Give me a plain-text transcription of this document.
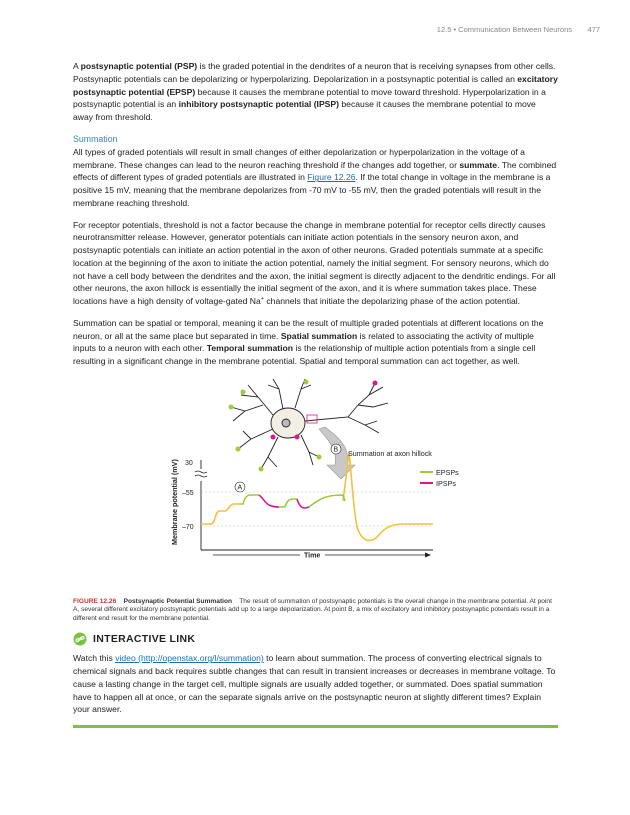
12.5 • Communication Between Neurons 477

A postsynaptic potential (PSP) is the graded potential in the dendrites of a neuron that is receiving synapses from other cells. Postsynaptic potentials can be depolarizing or hyperpolarizing. Depolarization in a postsynaptic potential is called an excitatory postsynaptic potential (EPSP) because it causes the membrane potential to move toward threshold. Hyperpolarization in a postsynaptic potential is an inhibitory postsynaptic potential (IPSP) because it causes the membrane potential to move away from threshold.

Summation

All types of graded potentials will result in small changes of either depolarization or hyperpolarization in the voltage of a membrane. These changes can lead to the neuron reaching threshold if the changes add together, or summate. The combined effects of different types of graded potentials are illustrated in Figure 12.26. If the total change in voltage in the membrane is a positive 15 mV, meaning that the membrane depolarizes from -70 mV to -55 mV, then the graded potentials will result in the membrane reaching threshold.

For receptor potentials, threshold is not a factor because the change in membrane potential for receptor cells directly causes neurotransmitter release. However, generator potentials can initiate action potentials in the sensory neuron axon, and postsynaptic potentials can initiate an action potential in the axon of other neurons. Graded potentials summate at a specific location at the beginning of the axon to initiate the action potential, namely the initial segment. For sensory neurons, which do not have a cell body between the dendrites and the axon, the initial segment is directly adjacent to the dendritic endings. For all other neurons, the axon hillock is essentially the initial segment of the axon, and it is where summation takes place. These locations have a high density of voltage-gated Na+ channels that initiate the depolarizing phase of the action potential.

Summation can be spatial or temporal, meaning it can be the result of multiple graded potentials at different locations on the neuron, or all at the same place but separated in time. Spatial summation is related to associating the activity of multiple inputs to a neuron with each other. Temporal summation is the relationship of multiple action potentials from a single cell resulting in a significant change in the membrane potential. Spatial and temporal summation can act together, as well.

Membrane potential (mV) 30
–55
–70
A
B Summation at axon hillock
EPSPs
IPSPs
Time
FIGURE 12.26 Postsynaptic Potential Summation The result of summation of postsynaptic potentials is the overall change in the membrane potential. At point A, several different excitatory postsynaptic potentials add up to a large depolarization. At point B, a mix of excitatory and inhibitory postsynaptic potentials result in a different end result for the membrane potential.
INTERACTIVE LINK

Watch this video (http://openstax.org/l/summation) to learn about summation. The process of converting electrical signals to chemical signals and back requires subtle changes that can result in transient increases or decreases in membrane voltage. To cause a lasting change in the target cell, multiple signals are usually added together, or summated. Does spatial summation have to happen all at once, or can the separate signals arrive on the postsynaptic neuron at slightly different times? Explain your answer.
